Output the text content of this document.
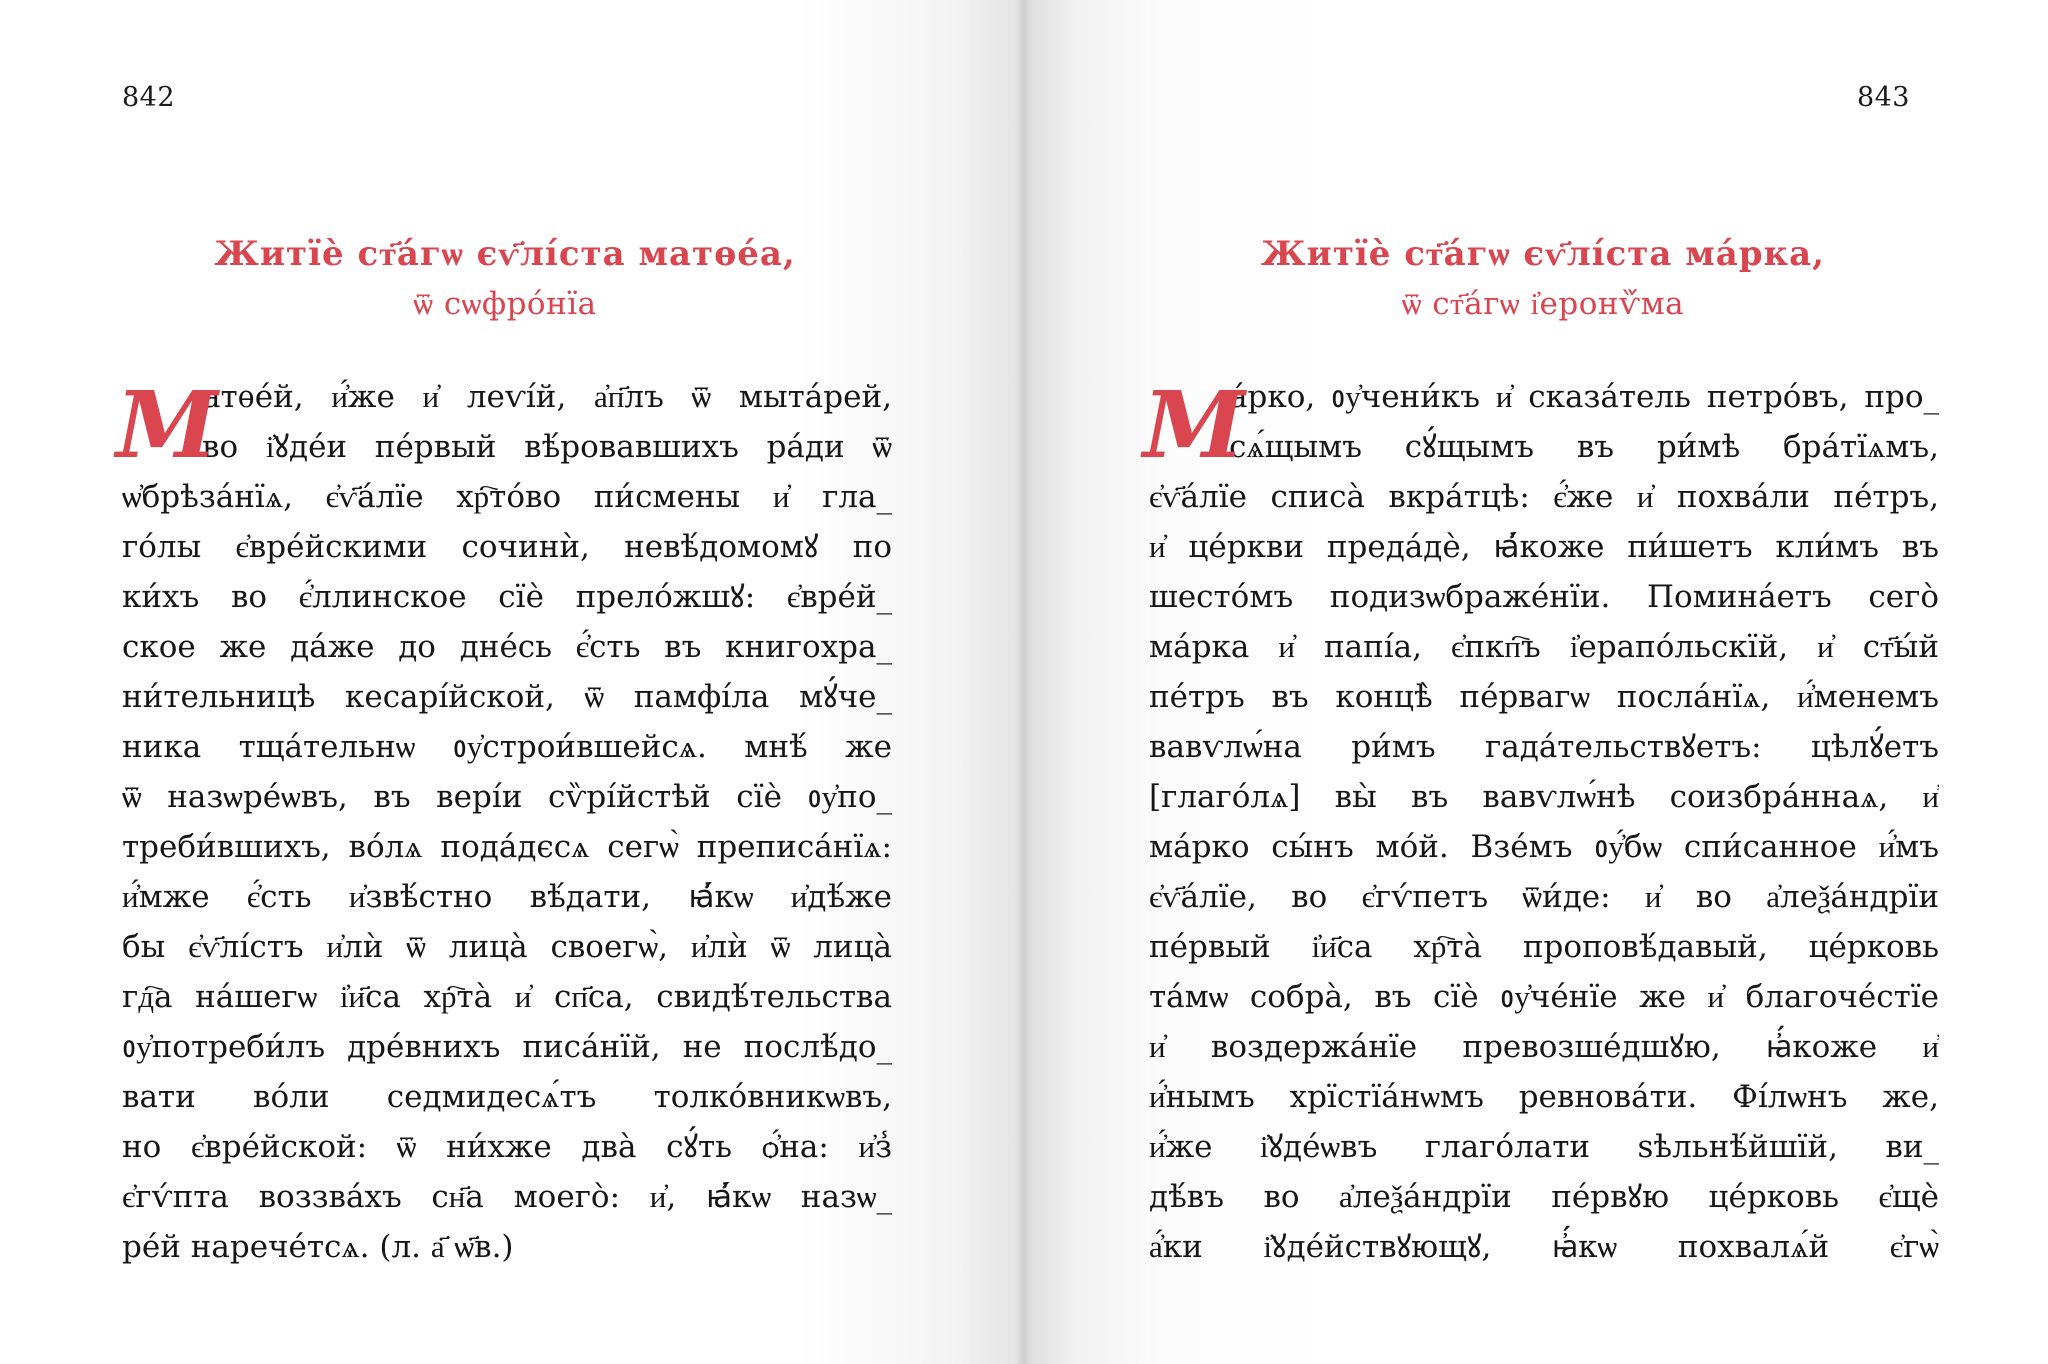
842
Житїѐ ст҃а́гѡ єѵ҃лі́ста матѳе́а,
ѿ сѡфро́нїа
М
атѳе́й, и҆́же и҆ леѵі́й, а҆п҃лъ ѿ мыта́рей,
во і҆ꙋде́и пе́рвый вѣ́ровавшихъ ра́ди ѿ
ѡ҆брѣза́нїѧ, є҆ѵ҃а́лїе хр҇то́во пи́смены и҆ гла_
го́лы є҆вре́йскими сочинѝ, невѣ́домомꙋ по
ки́хъ во є҆́ллинское сїѐ прело́жшꙋ: є҆вре́й_
ское же да́же до дне́сь є҆́сть въ книгохра_
ни́тельницѣ кесарі́йской, ѿ памфі́ла мꙋ́че_
ника тща́тельнѡ ᲂу҆строи́вшейсѧ. мнѣ́ же
ѿ назѡре́ѡвъ, въ вері́и сѷрі́йстѣй сїѐ ᲂу҆по_
треби́вшихъ, во́лѧ пода́дєсѧ сегѡ̀ преписа́нїѧ:
и҆́мже є҆́сть и҆звѣ́стно вѣ́дати, ꙗ҆́кѡ и҆дѣ́же
бы є҆ѵ҃лі́стъ и҆лѝ ѿ лица̀ своегѡ̀, и҆лѝ ѿ лица̀
гд҇а на́шегѡ і҆и҃са хр҇та̀ и҆ сп҃са, свидѣ́тельства
ᲂу҆потреби́лъ дре́внихъ писа́нїй, не послѣ́до_
вати во́ли седмидесѧ́тъ толко́вникѡвъ,
но є҆вре́йской: ѿ ни́хже два̀ сꙋ́ть ѻ҆́на: и҆з̾
є҆гѵ́пта воззва́хъ сн҃а моего̀: и҆, ꙗ҆́кѡ назѡ_
ре́й нарече́тсѧ. (л. а҃ ѡ҃в.)
843
Житїѐ ст҃а́гѡ єѵ҃лі́ста ма́рка,
ѿ ст҃а́гѡ і҆еронѷ́ма
М
а́рко, ᲂу҆чени́къ и҆ сказа́тель петро́въ, про_
сѧ́щымъ сꙋ́щымъ въ ри́мѣ бра́тїѧмъ,
є҆ѵ҃а́лїе списа̀ вкра́тцѣ: є҆́же и҆ похва́ли пе́тръ,
и҆ це́ркви преда́дѐ, ꙗ҆́коже пи́шетъ кли́мъ въ
шесто́мъ подизѡбраже́нїи. Помина́етъ сего̀
ма́рка и҆ папі́а, є҆пкп҇ъ і҆ерапо́льскїй, и҆ ст҃ы́й
пе́тръ въ концѣ̀ пе́рвагѡ посла́нїѧ, и҆́менемъ
вавѵлѡ́на ри́мъ гада́тельствꙋетъ: цѣлꙋ́етъ
[глаго́лѧ] вы̀ въ вавѵлѡ́нѣ соизбра́ннаѧ, и҆
ма́рко сы́нъ мо́й. Взе́мъ ᲂу҆́бѡ спи́санное и҆́мъ
є҆ѵ҃а́лїе, во є҆гѵ́петъ ѿи́де: и҆ во а҆леѯа́ндрїи
пе́рвый і҆и҃са хр҇та̀ проповѣ́давый, це́рковь
та́мѡ собра̀, въ сїѐ ᲂу҆че́нїе же и҆ благоче́стїе
и҆ воздержа́нїе превозше́дшꙋю, ꙗ҆́коже и҆
и҆́нымъ хрїстїа́нѡмъ ревнова́ти. Фі́лѡнъ же,
и҆́же і҆ꙋде́ѡвъ глаго́лати ѕѣльнѣ́йшїй, ви_
дѣ́въ во а҆леѯа́ндрїи пе́рвꙋю це́рковь є҆щѐ
а҆́ки і҆ꙋде́йствꙋющꙋ, ꙗ҆́кѡ похвалѧ́й є҆гѡ̀
